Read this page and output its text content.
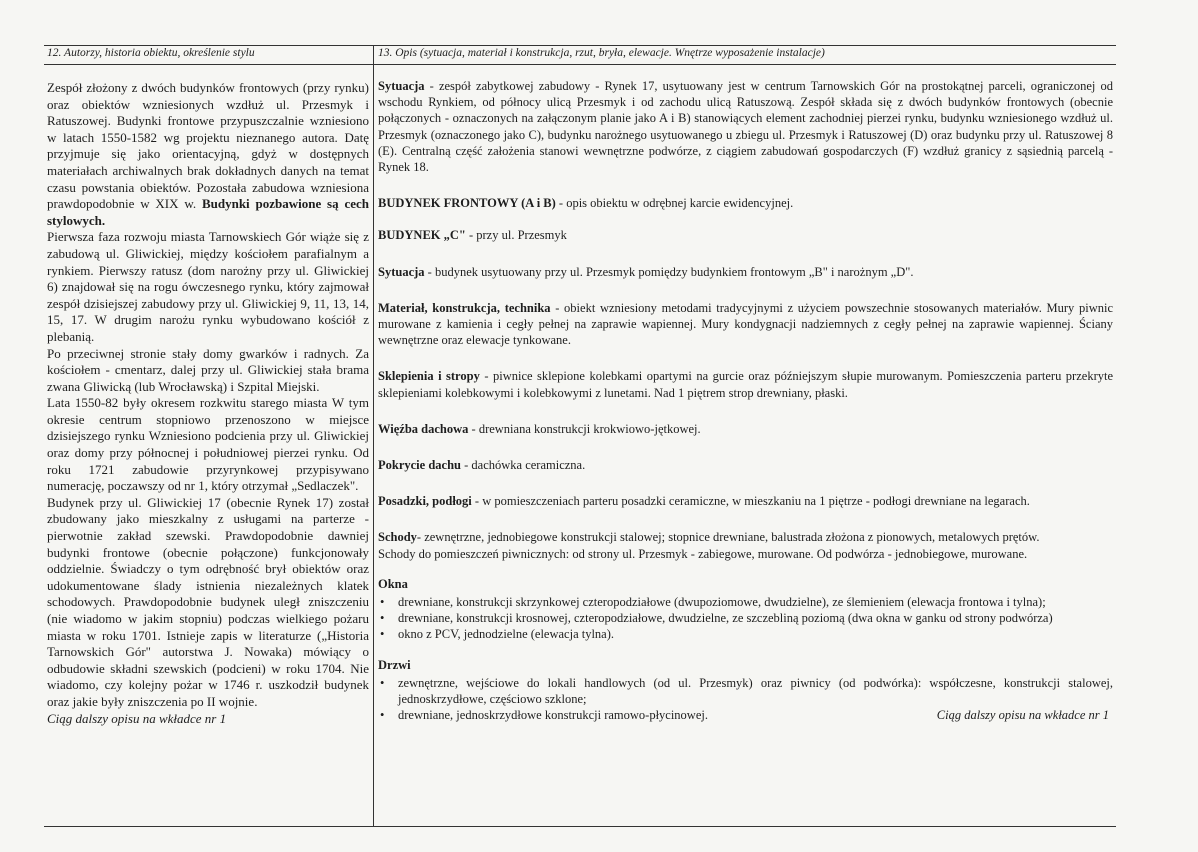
12. Autorzy, historia obiektu, określenie stylu	13. Opis (sytuacja, materiał i konstrukcja, rzut, bryła, elewacje. Wnętrze wyposażenie instalacje)

Zespół złożony z dwóch budynków frontowych (przy rynku) oraz obiektów wzniesionych wzdłuż ul. Przesmyk i Ratuszowej. Budynki frontowe przypuszczalnie wzniesiono w latach 1550-1582 wg projektu nieznanego autora. Datę przyjmuje się jako orientacyjną, gdyż w dostępnych materiałach archiwalnych brak dokładnych danych na temat czasu powstania obiektów. Pozostała zabudowa wzniesiona prawdopodobnie w XIX w. Budynki pozbawione są cech stylowych.

Pierwsza faza rozwoju miasta Tarnowskiech Gór wiąże się z zabudową ul. Gliwickiej, między kościołem parafialnym a rynkiem. Pierwszy ratusz (dom narożny przy ul. Gliwickiej 6) znajdował się na rogu ówczesnego rynku, który zajmował zespół dzisiejszej zabudowy przy ul. Gliwickiej 9, 11, 13, 14, 15, 17. W drugim narożu rynku wybudowano kościół z plebanią.

Po przeciwnej stronie stały domy gwarków i radnych. Za kościołem - cmentarz, dalej przy ul. Gliwickiej stała brama zwana Gliwicką (lub Wrocławską) i Szpital Miejski.

Lata 1550-82 były okresem rozkwitu starego miasta W tym okresie centrum stopniowo przenoszono w miejsce dzisiejszego rynku Wzniesiono podcienia przy ul. Gliwickiej oraz domy przy północnej i południowej pierzei rynku. Od roku 1721 zabudowie przyrynkowej przypisywano numerację, poczawszy od nr 1, który otrzymał „Sedlaczek".

Budynek przy ul. Gliwickiej 17 (obecnie Rynek 17) został zbudowany jako mieszkalny z usługami na parterze - pierwotnie zakład szewski. Prawdopodobnie dawniej budynki frontowe (obecnie połączone) funkcjonowały oddzielnie. Świadczy o tym odrębność brył obiektów oraz udokumentowane ślady istnienia niezależnych klatek schodowych. Prawdopodobnie budynek uległ zniszczeniu (nie wiadomo w jakim stopniu) podczas wielkiego pożaru miasta w roku 1701. Istnieje zapis w literaturze („Historia Tarnowskich Gór" autorstwa J. Nowaka) mówiący o odbudowie składni szewskich (podcieni) w roku 1704. Nie wiadomo, czy kolejny pożar w 1746 r. uszkodził budynek oraz jakie były zniszczenia po II wojnie.

Ciąg dalszy opisu na wkładce nr 1

Sytuacja - zespół zabytkowej zabudowy - Rynek 17, usytuowany jest w centrum Tarnowskich Gór na prostokątnej parceli, ograniczonej od wschodu Rynkiem, od północy ulicą Przesmyk i od zachodu ulicą Ratuszową. Zespół składa się z dwóch budynków frontowych (obecnie połączonych - oznaczonych na załączonym planie jako A i B) stanowiących element zachodniej pierzei rynku, budynku wzniesionego wzdłuż ul. Przesmyk (oznaczonego jako C), budynku narożnego usytuowanego u zbiegu ul. Przesmyk i Ratuszowej (D) oraz budynku przy ul. Ratuszowej 8 (E). Centralną część założenia stanowi wewnętrzne podwórze, z ciągiem zabudowań gospodarczych (F) wzdłuż granicy z sąsiednią parcelą - Rynek 18.

BUDYNEK FRONTOWY (A i B) - opis obiektu w odrębnej karcie ewidencyjnej.

BUDYNEK „C" - przy ul. Przesmyk

Sytuacja - budynek usytuowany przy ul. Przesmyk pomiędzy budynkiem frontowym „B" i narożnym „D".

Materiał, konstrukcja, technika - obiekt wzniesiony metodami tradycyjnymi z użyciem powszechnie stosowanych materiałów. Mury piwnic murowane z kamienia i cegły pełnej na zaprawie wapiennej. Mury kondygnacji nadziemnych z cegły pełnej na zaprawie wapiennej. Ściany wewnętrzne oraz elewacje tynkowane.

Sklepienia i stropy - piwnice sklepione kolebkami opartymi na gurcie oraz późniejszym słupie murowanym. Pomieszczenia parteru przekryte sklepieniami kolebkowymi i kolebkowymi z lunetami. Nad 1 piętrem strop drewniany, płaski.

Więźba dachowa - drewniana konstrukcji krokwiowo-jętkowej.

Pokrycie dachu - dachówka ceramiczna.

Posadzki, podłogi - w pomieszczeniach parteru posadzki ceramiczne, w mieszkaniu na 1 piętrze - podłogi drewniane na legarach.

Schody- zewnętrzne, jednobiegowe konstrukcji stalowej; stopnice drewniane, balustrada złożona z pionowych, metalowych prętów.

Schody do pomieszczeń piwnicznych: od strony ul. Przesmyk - zabiegowe, murowane. Od podwórza - jednobiegowe, murowane.

Okna

• drewniane, konstrukcji skrzynkowej czteropodziałowe (dwupoziomowe, dwudzielne), ze ślemieniem (elewacja frontowa i tylna);
• drewniane, konstrukcji krosnowej, czteropodziałowe, dwudzielne, ze szczebliną poziomą (dwa okna w ganku od strony podwórza)
• okno z PCV, jednodzielne (elewacja tylna).

Drzwi

• zewnętrzne, wejściowe do lokali handlowych (od ul. Przesmyk) oraz piwnicy (od podwórka): współczesne, konstrukcji stalowej, jednoskrzydłowe, częściowo szklone;
• drewniane, jednoskrzydłowe konstrukcji ramowo-płycinowej.	Ciąg dalszy opisu na wkładce nr 1
